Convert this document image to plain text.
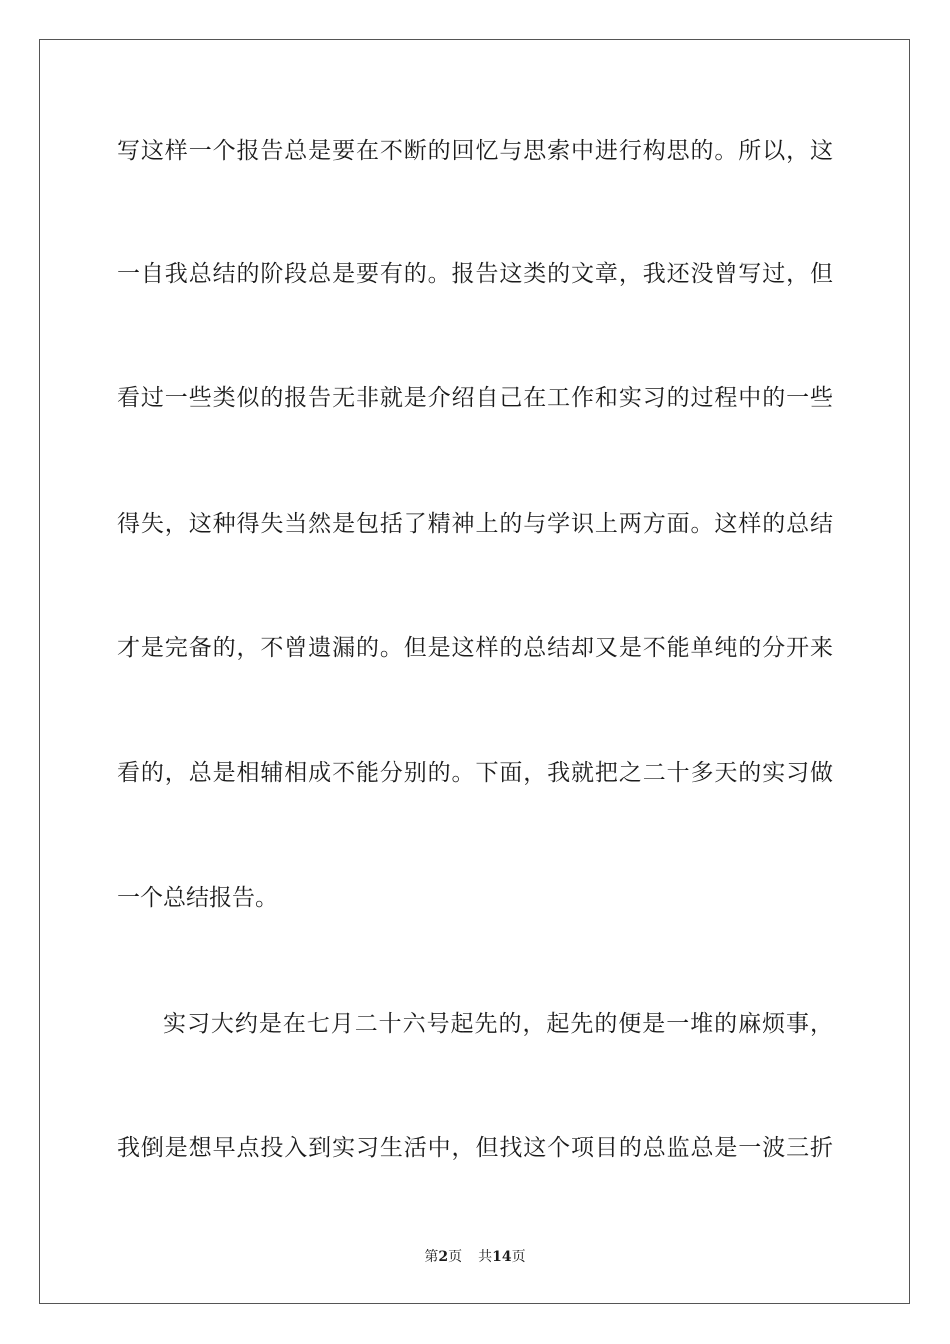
写这样一个报告总是要在不断的回忆与思索中进行构思的。所以，这
一自我总结的阶段总是要有的。报告这类的文章，我还没曾写过，但
看过一些类似的报告无非就是介绍自己在工作和实习的过程中的一些
得失，这种得失当然是包括了精神上的与学识上两方面。这样的总结
才是完备的，不曾遗漏的。但是这样的总结却又是不能单纯的分开来
看的，总是相辅相成不能分别的。下面，我就把之二十多天的实习做
一个总结报告。
实习大约是在七月二十六号起先的，起先的便是一堆的麻烦事，
我倒是想早点投入到实习生活中，但找这个项目的总监总是一波三折
第2页 共14页
